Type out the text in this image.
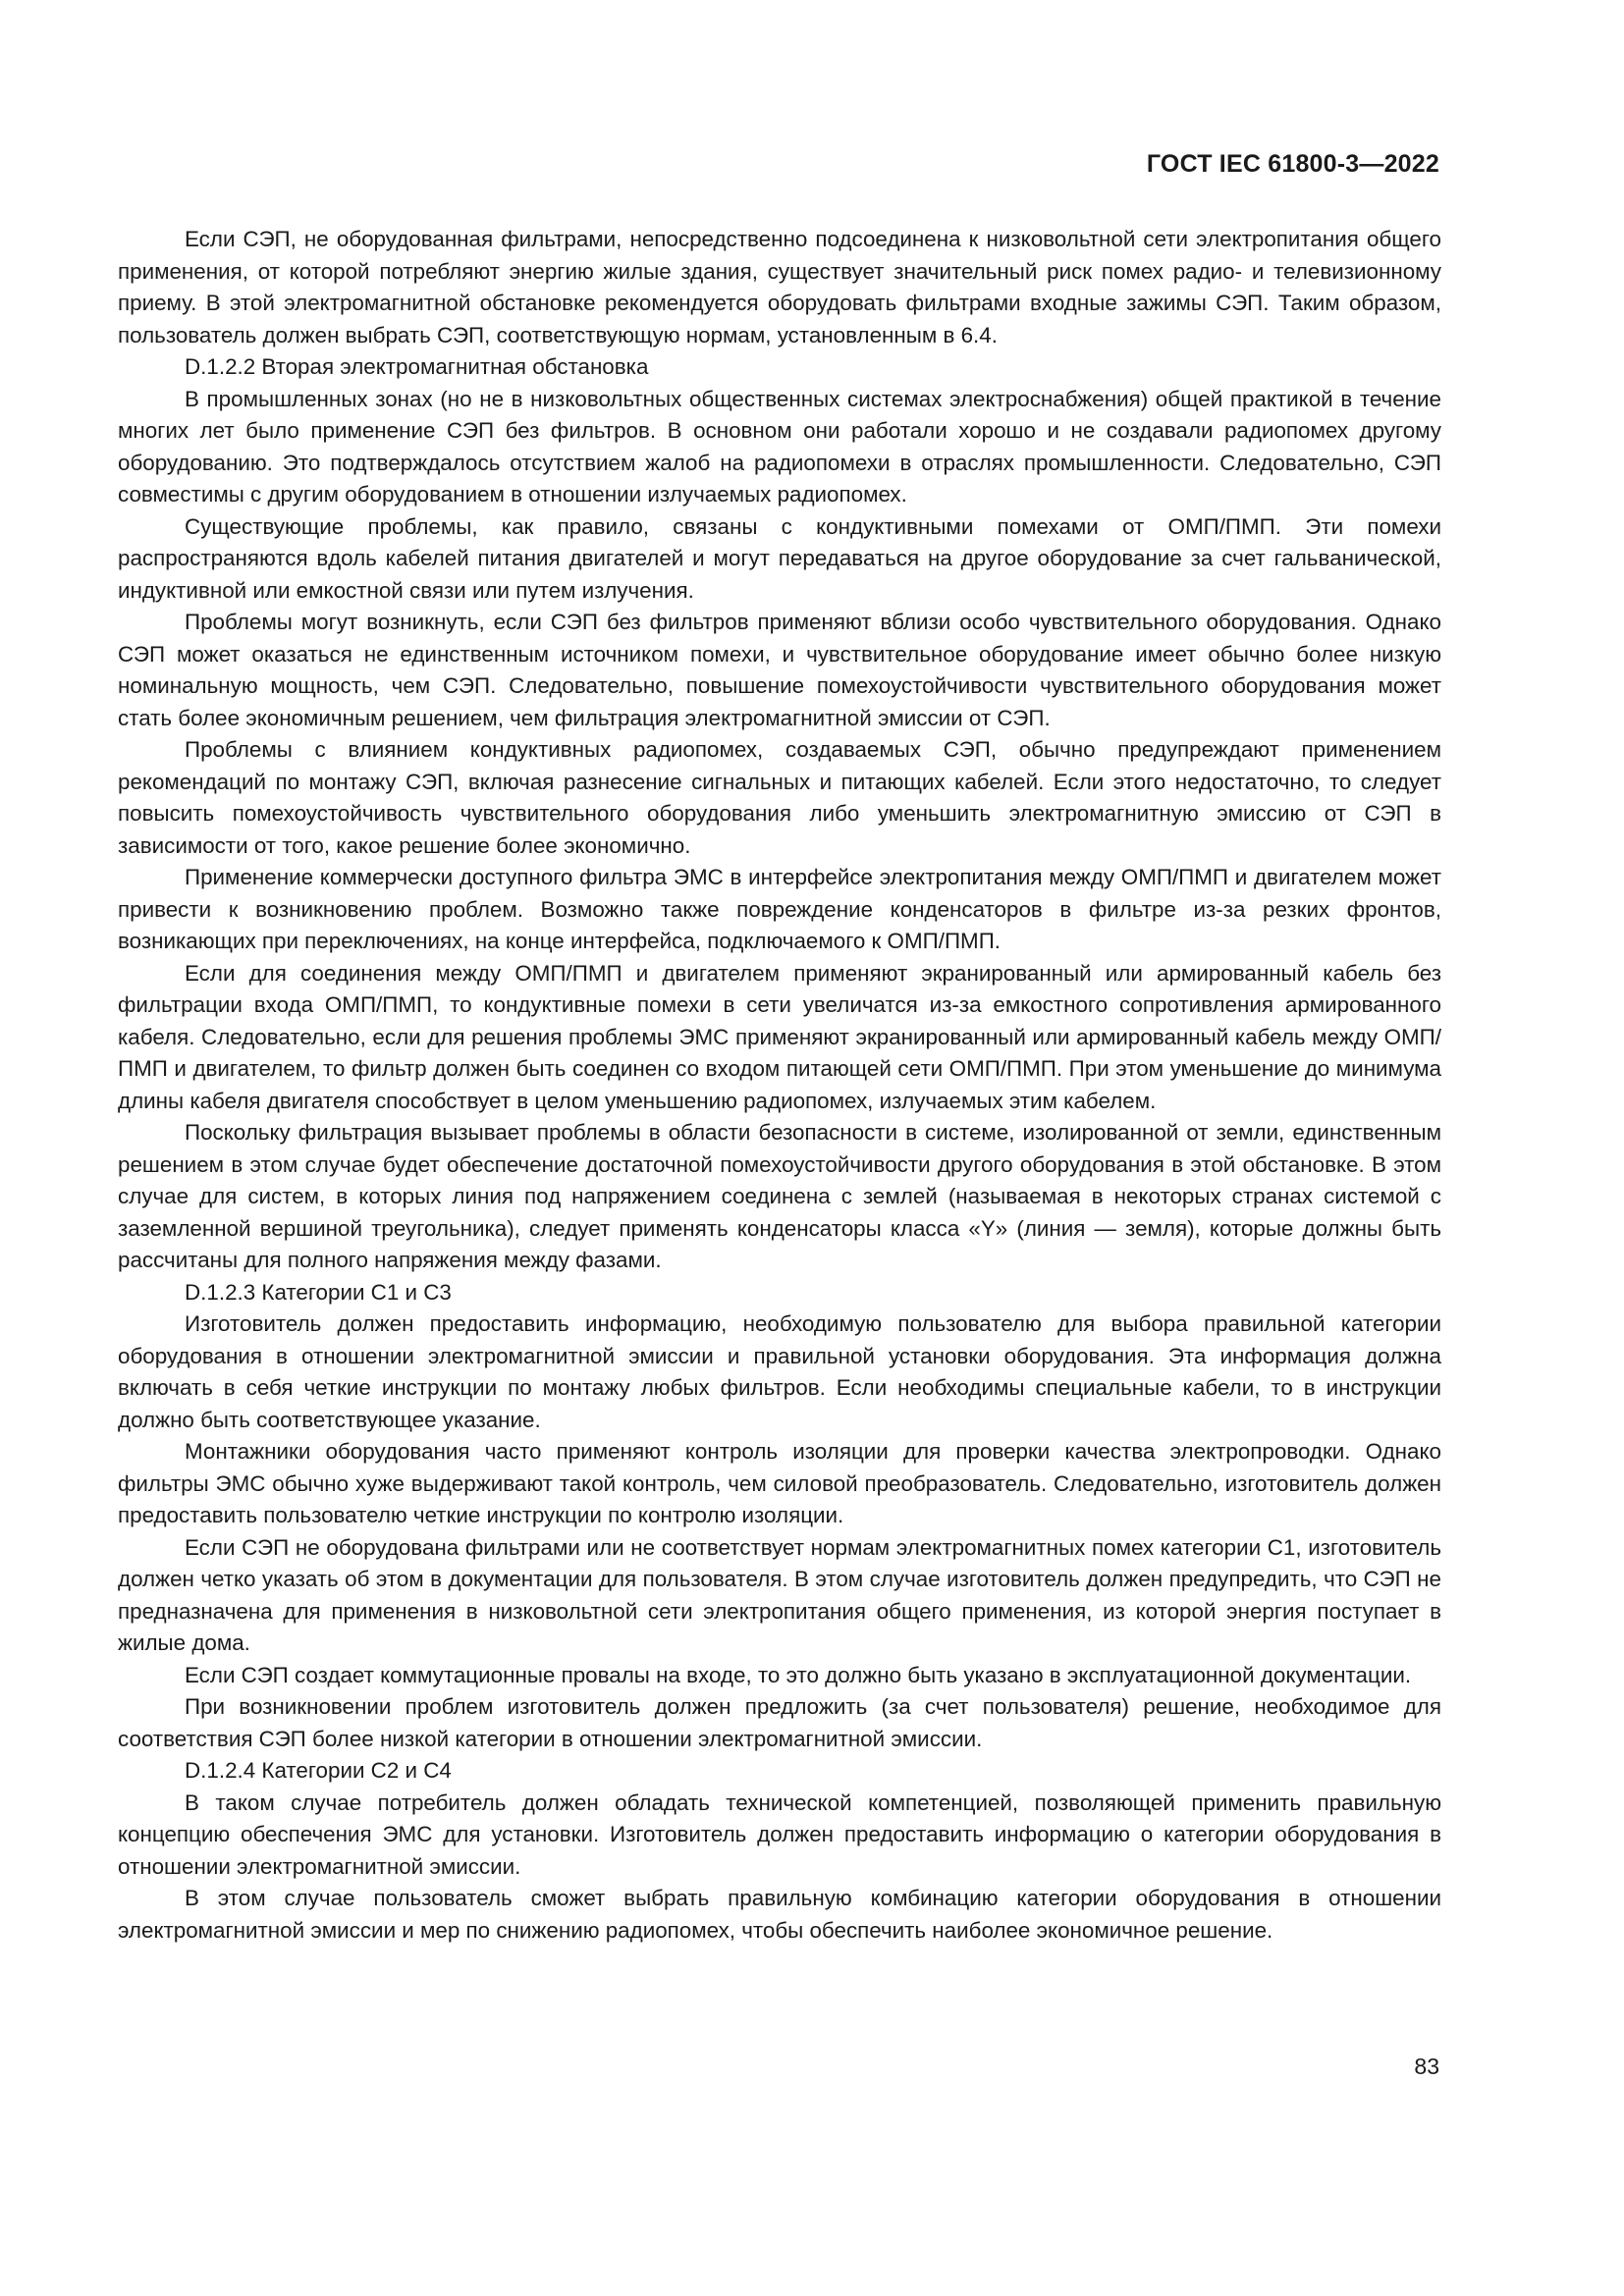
ГОСТ IEC 61800-3—2022

Если СЭП, не оборудованная фильтрами, непосредственно подсоединена к низковольтной сети электропитания общего применения, от которой потребляют энергию жилые здания, существует значительный риск помех радио- и телевизионному приему. В этой электромагнитной обстановке рекомендуется оборудовать фильтрами входные зажимы СЭП. Таким образом, пользователь должен выбрать СЭП, соответствующую нормам, установленным в 6.4.

D.1.2.2 Вторая электромагнитная обстановка

В промышленных зонах (но не в низковольтных общественных системах электроснабжения) общей практикой в течение многих лет было применение СЭП без фильтров. В основном они работали хорошо и не создавали радиопомех другому оборудованию. Это подтверждалось отсутствием жалоб на радиопомехи в отраслях промышленности. Следовательно, СЭП совместимы с другим оборудованием в отношении излучаемых радиопомех.

Существующие проблемы, как правило, связаны с кондуктивными помехами от ОМП/ПМП. Эти помехи распространяются вдоль кабелей питания двигателей и могут передаваться на другое оборудование за счет гальванической, индуктивной или емкостной связи или путем излучения.

Проблемы могут возникнуть, если СЭП без фильтров применяют вблизи особо чувствительного оборудования. Однако СЭП может оказаться не единственным источником помехи, и чувствительное оборудование имеет обычно более низкую номинальную мощность, чем СЭП. Следовательно, повышение помехоустойчивости чувствительного оборудования может стать более экономичным решением, чем фильтрация электромагнитной эмиссии от СЭП.

Проблемы с влиянием кондуктивных радиопомех, создаваемых СЭП, обычно предупреждают применением рекомендаций по монтажу СЭП, включая разнесение сигнальных и питающих кабелей. Если этого недостаточно, то следует повысить помехоустойчивость чувствительного оборудования либо уменьшить электромагнитную эмиссию от СЭП в зависимости от того, какое решение более экономично.

Применение коммерчески доступного фильтра ЭМС в интерфейсе электропитания между ОМП/ПМП и двигателем может привести к возникновению проблем. Возможно также повреждение конденсаторов в фильтре из-за резких фронтов, возникающих при переключениях, на конце интерфейса, подключаемого к ОМП/ПМП.

Если для соединения между ОМП/ПМП и двигателем применяют экранированный или армированный кабель без фильтрации входа ОМП/ПМП, то кондуктивные помехи в сети увеличатся из-за емкостного сопротивления армированного кабеля. Следовательно, если для решения проблемы ЭМС применяют экранированный или армированный кабель между ОМП/ПМП и двигателем, то фильтр должен быть соединен со входом питающей сети ОМП/ПМП. При этом уменьшение до минимума длины кабеля двигателя способствует в целом уменьшению радиопомех, излучаемых этим кабелем.

Поскольку фильтрация вызывает проблемы в области безопасности в системе, изолированной от земли, единственным решением в этом случае будет обеспечение достаточной помехоустойчивости другого оборудования в этой обстановке. В этом случае для систем, в которых линия под напряжением соединена с землей (называемая в некоторых странах системой с заземленной вершиной треугольника), следует применять конденсаторы класса «Y» (линия — земля), которые должны быть рассчитаны для полного напряжения между фазами.

D.1.2.3 Категории С1 и С3

Изготовитель должен предоставить информацию, необходимую пользователю для выбора правильной категории оборудования в отношении электромагнитной эмиссии и правильной установки оборудования. Эта информация должна включать в себя четкие инструкции по монтажу любых фильтров. Если необходимы специальные кабели, то в инструкции должно быть соответствующее указание.

Монтажники оборудования часто применяют контроль изоляции для проверки качества электропроводки. Однако фильтры ЭМС обычно хуже выдерживают такой контроль, чем силовой преобразователь. Следовательно, изготовитель должен предоставить пользователю четкие инструкции по контролю изоляции.

Если СЭП не оборудована фильтрами или не соответствует нормам электромагнитных помех категории С1, изготовитель должен четко указать об этом в документации для пользователя. В этом случае изготовитель должен предупредить, что СЭП не предназначена для применения в низковольтной сети электропитания общего применения, из которой энергия поступает в жилые дома.

Если СЭП создает коммутационные провалы на входе, то это должно быть указано в эксплуатационной документации.

При возникновении проблем изготовитель должен предложить (за счет пользователя) решение, необходимое для соответствия СЭП более низкой категории в отношении электромагнитной эмиссии.

D.1.2.4 Категории С2 и С4

В таком случае потребитель должен обладать технической компетенцией, позволяющей применить правильную концепцию обеспечения ЭМС для установки. Изготовитель должен предоставить информацию о категории оборудования в отношении электромагнитной эмиссии.

В этом случае пользователь сможет выбрать правильную комбинацию категории оборудования в отношении электромагнитной эмиссии и мер по снижению радиопомех, чтобы обеспечить наиболее экономичное решение.

83
